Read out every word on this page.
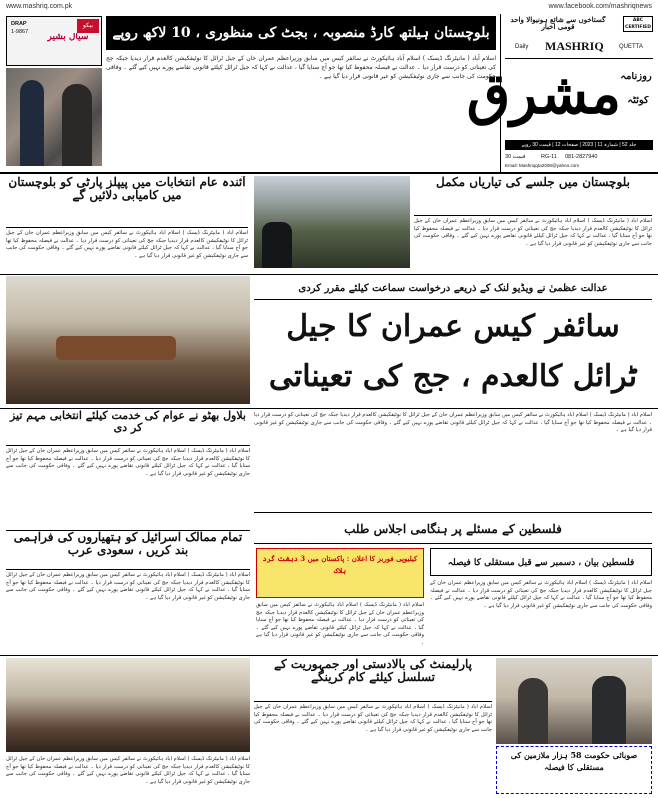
www.mashriq.com.pk	www.facebook.com/mashriqnews
گستاخوں سے شائع ہونیوالا واحد قومی اخبار
ABC CERTIFIED
Daily MASHRIQ	QUETTA
روزنامہ
مشرق کوئٹہ
جلد 52 | شمارہ 11 | 2023 | صفحات 12 | قیمت 30 روپے
قیمت 30	RG-11 081-2827940
Email: Mashriqqta2008@yahoo.com
DRAP
1-9867	سیال بشیر
بیکو	بلوچستان ہیلتھ کارڈ منصوبہ ، بجٹ کی منظوری ، 10 لاکھ روپے
اسلام آباد ( مانیٹرنگ ڈیسک ) اسلام آباد ہائیکورٹ نے سائفر کیس میں سابق وزیراعظم عمران خان کے جیل ٹرائل کا نوٹیفکیشن کالعدم قرار دیدیا جبکہ جج کی تعیناتی کو درست قرار دیا ۔ عدالت نے فیصلہ محفوظ کیا تھا جو آج سنایا گیا ، عدالت نے کہا کہ جیل ٹرائل کیلئے قانونی تقاضے پورے نہیں کیے گئے ۔ وفاقی حکومت کی جانب سے جاری نوٹیفکیشن کو غیر قانونی قرار دیا گیا ہے ۔
آئندہ عام انتخابات میں پیپلز پارٹی کو بلوچستان میں کامیابی دلائیں گے
اسلام آباد ( مانیٹرنگ ڈیسک ) اسلام آباد ہائیکورٹ نے سائفر کیس میں سابق وزیراعظم عمران خان کے جیل ٹرائل کا نوٹیفکیشن کالعدم قرار دیدیا جبکہ جج کی تعیناتی کو درست قرار دیا ۔ عدالت نے فیصلہ محفوظ کیا تھا جو آج سنایا گیا ، عدالت نے کہا کہ جیل ٹرائل کیلئے قانونی تقاضے پورے نہیں کیے گئے ۔ وفاقی حکومت کی جانب سے جاری نوٹیفکیشن کو غیر قانونی قرار دیا گیا ہے ۔
بلوچستان میں جلسے کی تیاریاں مکمل
اسلام آباد ( مانیٹرنگ ڈیسک ) اسلام آباد ہائیکورٹ نے سائفر کیس میں سابق وزیراعظم عمران خان کے جیل ٹرائل کا نوٹیفکیشن کالعدم قرار دیدیا جبکہ جج کی تعیناتی کو درست قرار دیا ۔ عدالت نے فیصلہ محفوظ کیا تھا جو آج سنایا گیا ، عدالت نے کہا کہ جیل ٹرائل کیلئے قانونی تقاضے پورے نہیں کیے گئے ۔ وفاقی حکومت کی جانب سے جاری نوٹیفکیشن کو غیر قانونی قرار دیا گیا ہے ۔
عدالت عظمیٰ نے ویڈیو لنک کے ذریعے درخواست سماعت کیلئے مقرر کردی
سائفر کیس عمران کا جیل ٹرائل کالعدم ، جج کی تعیناتی
بلاول بھٹو نے عوام کی خدمت کیلئے انتخابی مہم تیز کر دی
اسلام آباد ( مانیٹرنگ ڈیسک ) اسلام آباد ہائیکورٹ نے سائفر کیس میں سابق وزیراعظم عمران خان کے جیل ٹرائل کا نوٹیفکیشن کالعدم قرار دیدیا جبکہ جج کی تعیناتی کو درست قرار دیا ۔ عدالت نے فیصلہ محفوظ کیا تھا جو آج سنایا گیا ، عدالت نے کہا کہ جیل ٹرائل کیلئے قانونی تقاضے پورے نہیں کیے گئے ۔ وفاقی حکومت کی جانب سے جاری نوٹیفکیشن کو غیر قانونی قرار دیا گیا ہے ۔
تمام ممالک اسرائیل کو ہتھیاروں کی فراہمی بند کریں ، سعودی عرب
اسلام آباد ( مانیٹرنگ ڈیسک ) اسلام آباد ہائیکورٹ نے سائفر کیس میں سابق وزیراعظم عمران خان کے جیل ٹرائل کا نوٹیفکیشن کالعدم قرار دیدیا جبکہ جج کی تعیناتی کو درست قرار دیا ۔ عدالت نے فیصلہ محفوظ کیا تھا جو آج سنایا گیا ، عدالت نے کہا کہ جیل ٹرائل کیلئے قانونی تقاضے پورے نہیں کیے گئے ۔ وفاقی حکومت کی جانب سے جاری نوٹیفکیشن کو غیر قانونی قرار دیا گیا ہے ۔
اسلام آباد ( مانیٹرنگ ڈیسک ) اسلام آباد ہائیکورٹ نے سائفر کیس میں سابق وزیراعظم عمران خان کے جیل ٹرائل کا نوٹیفکیشن کالعدم قرار دیدیا جبکہ جج کی تعیناتی کو درست قرار دیا ۔ عدالت نے فیصلہ محفوظ کیا تھا جو آج سنایا گیا ، عدالت نے کہا کہ جیل ٹرائل کیلئے قانونی تقاضے پورے نہیں کیے گئے ۔ وفاقی حکومت کی جانب سے جاری نوٹیفکیشن کو غیر قانونی قرار دیا گیا ہے ۔
فلسطین کے مسئلے پر ہنگامی اجلاس طلب
کیلیوپی فوربز کا اعلان : پاکستان میں 3 دہشت گرد ہلاک
اسلام آباد ( مانیٹرنگ ڈیسک ) اسلام آباد ہائیکورٹ نے سائفر کیس میں سابق وزیراعظم عمران خان کے جیل ٹرائل کا نوٹیفکیشن کالعدم قرار دیدیا جبکہ جج کی تعیناتی کو درست قرار دیا ۔ عدالت نے فیصلہ محفوظ کیا تھا جو آج سنایا گیا ، عدالت نے کہا کہ جیل ٹرائل کیلئے قانونی تقاضے پورے نہیں کیے گئے ۔ وفاقی حکومت کی جانب سے جاری نوٹیفکیشن کو غیر قانونی قرار دیا گیا ہے ۔
فلسطین بیان ، دسمبر سے قبل مستقلی کا فیصلہ
اسلام آباد ( مانیٹرنگ ڈیسک ) اسلام آباد ہائیکورٹ نے سائفر کیس میں سابق وزیراعظم عمران خان کے جیل ٹرائل کا نوٹیفکیشن کالعدم قرار دیدیا جبکہ جج کی تعیناتی کو درست قرار دیا ۔ عدالت نے فیصلہ محفوظ کیا تھا جو آج سنایا گیا ، عدالت نے کہا کہ جیل ٹرائل کیلئے قانونی تقاضے پورے نہیں کیے گئے ۔ وفاقی حکومت کی جانب سے جاری نوٹیفکیشن کو غیر قانونی قرار دیا گیا ہے ۔
اسلام آباد ( مانیٹرنگ ڈیسک ) اسلام آباد ہائیکورٹ نے سائفر کیس میں سابق وزیراعظم عمران خان کے جیل ٹرائل کا نوٹیفکیشن کالعدم قرار دیدیا جبکہ جج کی تعیناتی کو درست قرار دیا ۔ عدالت نے فیصلہ محفوظ کیا تھا جو آج سنایا گیا ، عدالت نے کہا کہ جیل ٹرائل کیلئے قانونی تقاضے پورے نہیں کیے گئے ۔ وفاقی حکومت کی جانب سے جاری نوٹیفکیشن کو غیر قانونی قرار دیا گیا ہے ۔
پارلیمنٹ کی بالادستی اور جمہوریت کے تسلسل کیلئے کام کرینگے
اسلام آباد ( مانیٹرنگ ڈیسک ) اسلام آباد ہائیکورٹ نے سائفر کیس میں سابق وزیراعظم عمران خان کے جیل ٹرائل کا نوٹیفکیشن کالعدم قرار دیدیا جبکہ جج کی تعیناتی کو درست قرار دیا ۔ عدالت نے فیصلہ محفوظ کیا تھا جو آج سنایا گیا ، عدالت نے کہا کہ جیل ٹرائل کیلئے قانونی تقاضے پورے نہیں کیے گئے ۔ وفاقی حکومت کی جانب سے جاری نوٹیفکیشن کو غیر قانونی قرار دیا گیا ہے ۔
صوبائی حکومت 58 ہزار ملازمین کی مستقلی کا فیصلہ
